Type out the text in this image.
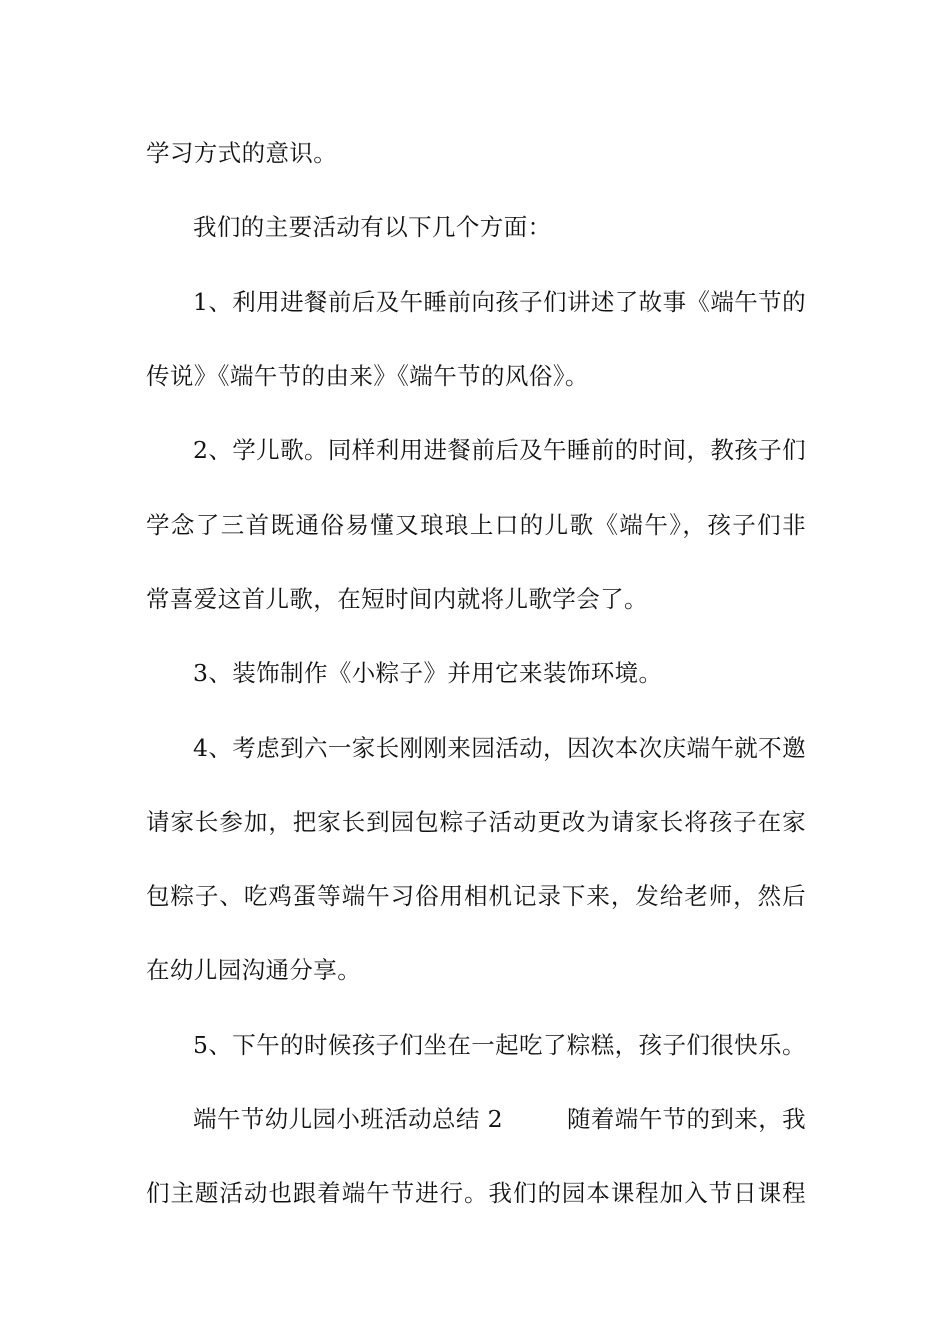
学习方式的意识。
我们的主要活动有以下几个方面：
1、利用进餐前后及午睡前向孩子们讲述了故事《端午节的
传说》《端午节的由来》《端午节的风俗》。
2、学儿歌。同样利用进餐前后及午睡前的时间，教孩子们
学念了三首既通俗易懂又琅琅上口的儿歌《端午》，孩子们非
常喜爱这首儿歌，在短时间内就将儿歌学会了。
3、装饰制作《小粽子》并用它来装饰环境。
4、考虑到六一家长刚刚来园活动，因次本次庆端午就不邀
请家长参加，把家长到园包粽子活动更改为请家长将孩子在家
包粽子、吃鸡蛋等端午习俗用相机记录下来，发给老师，然后
在幼儿园沟通分享。
5、下午的时候孩子们坐在一起吃了粽糕，孩子们很快乐。
端午节幼儿园小班活动总结 2	随着端午节的到来，我
们主题活动也跟着端午节进行。我们的园本课程加入节日课程
